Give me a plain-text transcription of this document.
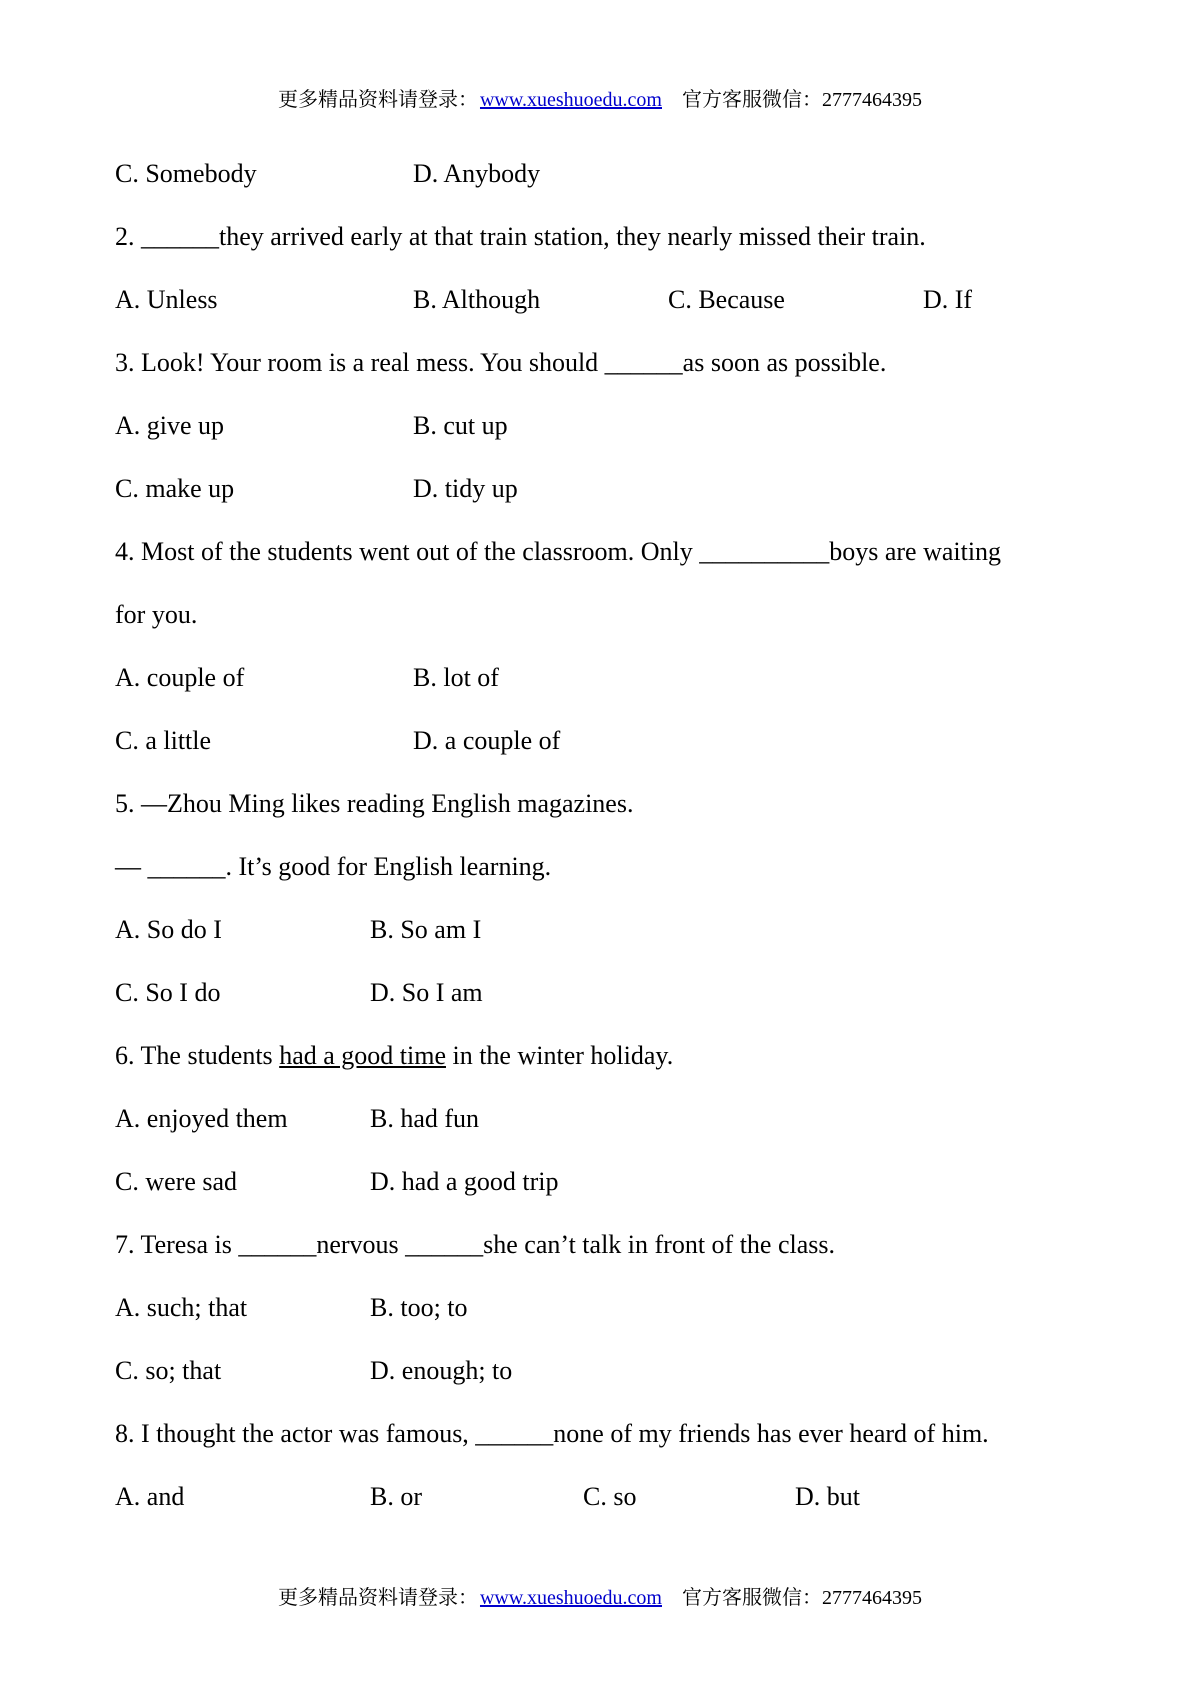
更多精品资料请登录： www.xueshuoedu.com 官方客服微信：2777464395
C. Somebody	D. Anybody
2. ______they arrived early at that train station, they nearly missed their train.
A. Unless	B. Although	C. Because	D. If
3. Look! Your room is a real mess. You should ______as soon as possible.
A. give up	B. cut up
C. make up	D. tidy up
4. Most of the students went out of the classroom. Only __________boys are waiting
for you.
A. couple of	B. lot of
C. a little	D. a couple of
5. —Zhou Ming likes reading English magazines.
— ______. It’s good for English learning.
A. So do I	B. So am I
C. So I do	D. So I am
6. The students had a good time in the winter holiday.
A. enjoyed them	B. had fun
C. were sad	D. had a good trip
7. Teresa is ______nervous ______she can’t talk in front of the class.
A. such; that	B. too; to
C. so; that	D. enough; to
8. I thought the actor was famous, ______none of my friends has ever heard of him.
A. and	B. or	C. so	D. but
更多精品资料请登录： www.xueshuoedu.com 官方客服微信：2777464395
